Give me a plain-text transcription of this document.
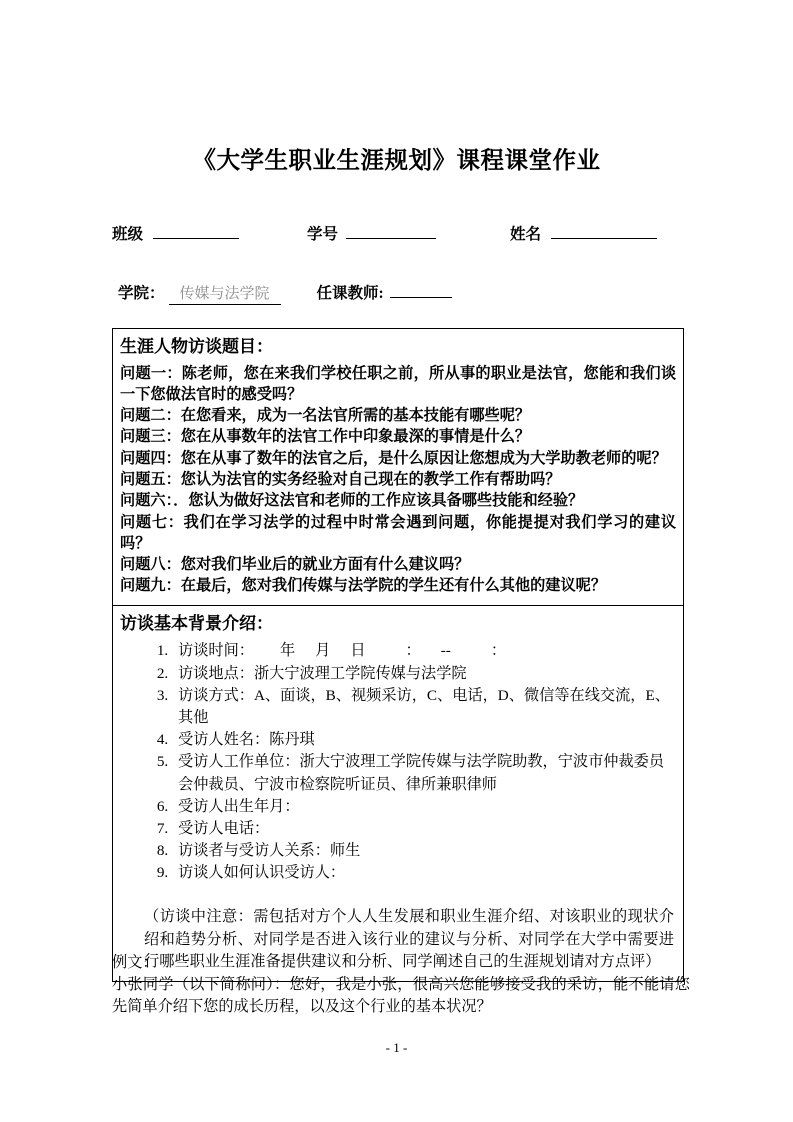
《大学生职业生涯规划》课程课堂作业
班级	学号	姓名
学院： 传媒与法学院	任课教师:
生涯人物访谈题目：

问题一：陈老师，您在来我们学校任职之前，所从事的职业是法官，您能和我们谈一下您做法官时的感受吗？

问题二：在您看来，成为一名法官所需的基本技能有哪些呢？

问题三：您在从事数年的法官工作中印象最深的事情是什么？

问题四：您在从事了数年的法官之后，是什么原因让您想成为大学助教老师的呢？

问题五：您认为法官的实务经验对自己现在的教学工作有帮助吗？

问题六：．您认为做好这法官和老师的工作应该具备哪些技能和经验？

问题七：我们在学习法学的过程中时常会遇到问题，你能提提对我们学习的建议吗？

问题八：您对我们毕业后的就业方面有什么建议吗？

问题九：在最后，您对我们传媒与法学院的学生还有什么其他的建议呢？

访谈基本背景介绍：
1. 访谈时间： 年 月 日	： --	：
2. 访谈地点：浙大宁波理工学院传媒与法学院
3. 访谈方式：A、面谈，B、视频采访，C、电话，D、微信等在线交流，E、其他
4. 受访人姓名：陈丹琪
5. 受访人工作单位：浙大宁波理工学院传媒与法学院助教，宁波市仲裁委员会仲裁员、宁波市检察院听证员、律所兼职律师
6. 受访人出生年月：
7. 受访人电话：
8. 访谈者与受访人关系：师生
9. 访谈人如何认识受访人：

（访谈中注意：需包括对方个人人生发展和职业生涯介绍、对该职业的现状介绍和趋势分析、对同学是否进入该行业的建议与分析、对同学在大学中需要进行哪些职业生涯准备提供建议和分析、同学阐述自己的生涯规划请对方点评）

例文：

小张同学（以下简称问）：您好，我是小张，很高兴您能够接受我的采访，能不能请您先简单介绍下您的成长历程，以及这个行业的基本状况？

- 1 -
